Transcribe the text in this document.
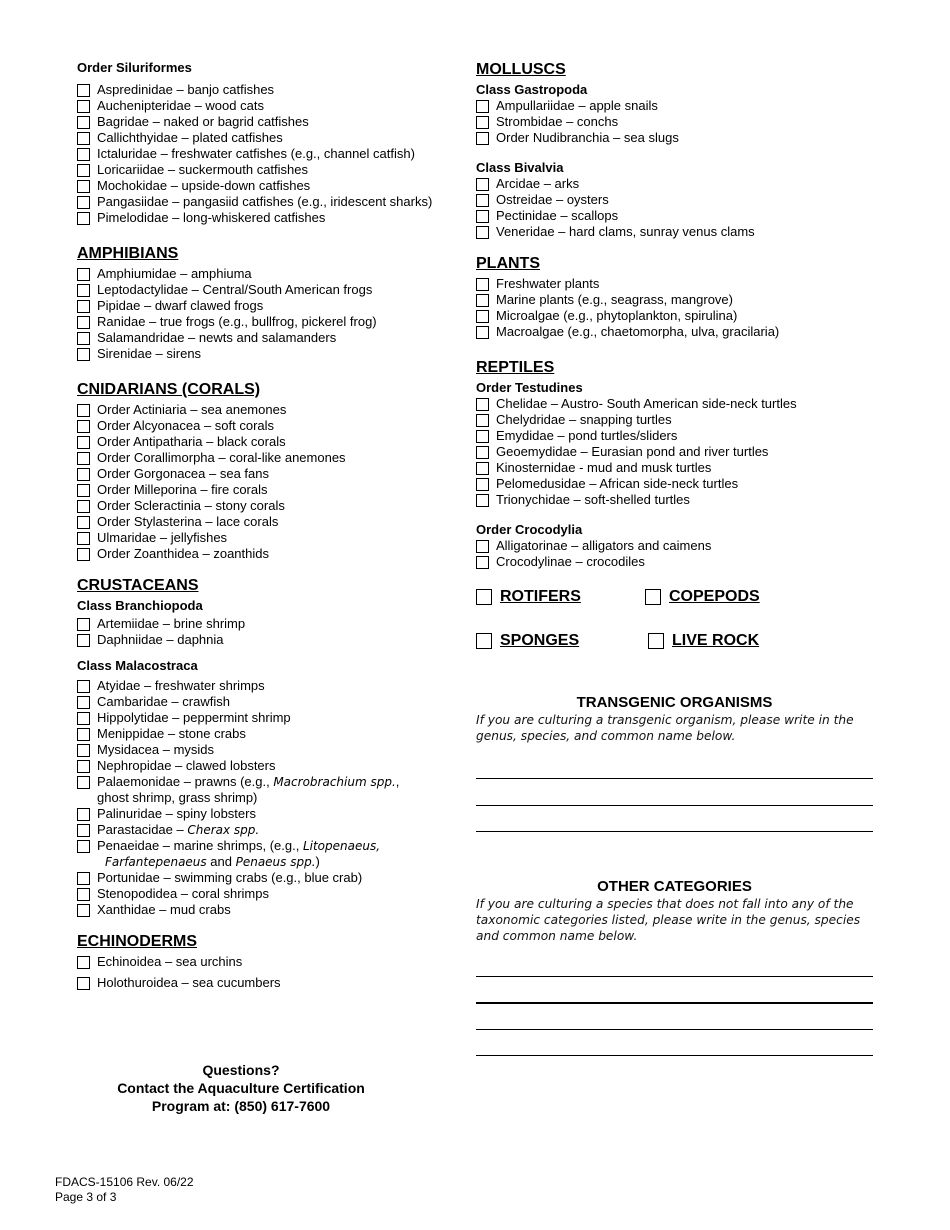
Order Siluriformes
Aspredinidae – banjo catfishes
Auchenipteridae – wood cats
Bagridae – naked or bagrid catfishes
Callichthyidae – plated catfishes
Ictaluridae – freshwater catfishes (e.g., channel catfish)
Loricariidae – suckermouth catfishes
Mochokidae – upside-down catfishes
Pangasiidae – pangasiid catfishes (e.g., iridescent sharks)
Pimelodidae – long-whiskered catfishes
AMPHIBIANS
Amphiumidae – amphiuma
Leptodactylidae – Central/South American frogs
Pipidae – dwarf clawed frogs
Ranidae – true frogs (e.g., bullfrog, pickerel frog)
Salamandridae – newts and salamanders
Sirenidae – sirens
CNIDARIANS (CORALS)
Order Actiniaria – sea anemones
Order Alcyonacea – soft corals
Order Antipatharia – black corals
Order Corallimorpha – coral-like anemones
Order Gorgonacea – sea fans
Order Milleporina – fire corals
Order Scleractinia – stony corals
Order Stylasterina – lace corals
Ulmaridae – jellyfishes
Order Zoanthidea – zoanthids
CRUSTACEANS
Class Branchiopoda
Artemiidae – brine shrimp
Daphniidae – daphnia
Class Malacostraca
Atyidae – freshwater shrimps
Cambaridae – crawfish
Hippolytidae – peppermint shrimp
Menippidae – stone crabs
Mysidacea – mysids
Nephropidae – clawed lobsters
Palaemonidae – prawns (e.g., Macrobrachium spp.,
ghost shrimp, grass shrimp)
Palinuridae – spiny lobsters
Parastacidae – Cherax spp.
Penaeidae – marine shrimps, (e.g., Litopenaeus,
Farfantepenaeus and Penaeus spp.)
Portunidae – swimming crabs (e.g., blue crab)
Stenopodidea – coral shrimps
Xanthidae – mud crabs
ECHINODERMS
Echinoidea – sea urchins
Holothuroidea – sea cucumbers
Questions?
Contact the Aquaculture Certification
Program at: (850) 617-7600
MOLLUSCS
Class Gastropoda
Ampullariidae – apple snails
Strombidae – conchs
Order Nudibranchia – sea slugs
Class Bivalvia
Arcidae – arks
Ostreidae – oysters
Pectinidae – scallops
Veneridae – hard clams, sunray venus clams
PLANTS
Freshwater plants
Marine plants (e.g., seagrass, mangrove)
Microalgae (e.g., phytoplankton, spirulina)
Macroalgae (e.g., chaetomorpha, ulva, gracilaria)
REPTILES
Order Testudines
Chelidae – Austro- South American side-neck turtles
Chelydridae – snapping turtles
Emydidae – pond turtles/sliders
Geoemydidae – Eurasian pond and river turtles
Kinosternidae - mud and musk turtles
Pelomedusidae – African side-neck turtles
Trionychidae – soft-shelled turtles
Order Crocodylia
Alligatorinae – alligators and caimens
Crocodylinae – crocodiles
ROTIFERS	COPEPODS
SPONGES	LIVE ROCK
TRANSGENIC ORGANISMS
If you are culturing a transgenic organism, please write in the genus, species, and common name below.
OTHER CATEGORIES
If you are culturing a species that does not fall into any of the taxonomic categories listed, please write in the genus, species and common name below.
FDACS-15106 Rev. 06/22
Page 3 of 3
